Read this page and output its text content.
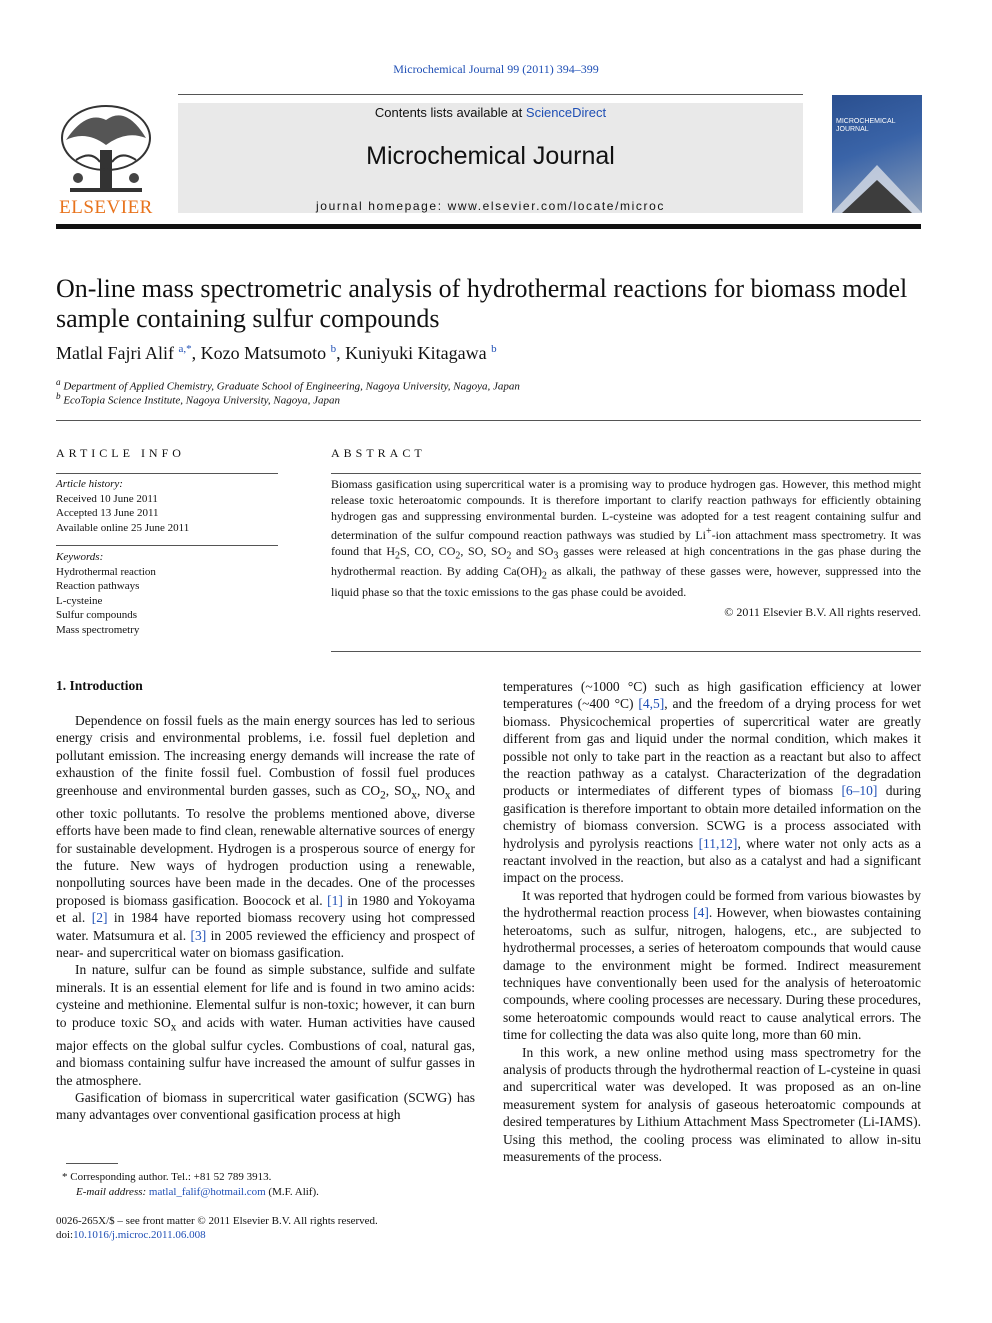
Microchemical Journal 99 (2011) 394–399
ELSEVIER
Contents lists available at ScienceDirect
Microchemical Journal
journal homepage: www.elsevier.com/locate/microc
MICROCHEMICAL JOURNAL
On-line mass spectrometric analysis of hydrothermal reactions for biomass model sample containing sulfur compounds
Matlal Fajri Alif $^{a,*}$, Kozo Matsumoto $^b$, Kuniyuki Kitagawa $^b$
$^a$ Department of Applied Chemistry, Graduate School of Engineering, Nagoya University, Nagoya, Japan
$^b$ EcoTopia Science Institute, Nagoya University, Nagoya, Japan
ARTICLE INFO
Article history:
Received 10 June 2011
Accepted 13 June 2011
Available online 25 June 2011
Keywords:
Hydrothermal reaction
Reaction pathways
L-cysteine
Sulfur compounds
Mass spectrometry
ABSTRACT
Biomass gasification using supercritical water is a promising way to produce hydrogen gas. However, this method might release toxic heteroatomic compounds. It is therefore important to clarify reaction pathways for efficiently obtaining hydrogen gas and suppressing environmental burden. L-cysteine was adopted for a test reagent containing sulfur and determination of the sulfur compound reaction pathways was studied by Li+-ion attachment mass spectrometry. It was found that $H_2S$, CO, $CO_2$, SO, $SO_2$ and $SO_3$ gasses were released at high concentrations in the gas phase during the hydrothermal reaction. By adding $Ca(OH)_2$ as alkali, the pathway of these gasses were, however, suppressed into the liquid phase so that the toxic emissions to the gas phase could be avoided.
© 2011 Elsevier B.V. All rights reserved.
1. Introduction

Dependence on fossil fuels as the main energy sources has led to serious energy crisis and environmental problems, i.e. fossil fuel depletion and pollutant emission. The increasing energy demands will increase the rate of exhaustion of the finite fossil fuel. Combustion of fossil fuel produces greenhouse and environmental burden gasses, such as $CO_2$, $SO_x$, $NO_x$ and other toxic pollutants. To resolve the problems mentioned above, diverse efforts have been made to find clean, renewable alternative sources of energy for sustainable development. Hydrogen is a prosperous source of energy for the future. New ways of hydrogen production using a renewable, nonpolluting sources have been made in the decades. One of the processes proposed is biomass gasification. Boocock et al. [1] in 1980 and Yokoyama et al. [2] in 1984 have reported biomass recovery using hot compressed water. Matsumura et al. [3] in 2005 reviewed the efficiency and prospect of near- and supercritical water on biomass gasification.

In nature, sulfur can be found as simple substance, sulfide and sulfate minerals. It is an essential element for life and is found in two amino acids: cysteine and methionine. Elemental sulfur is non-toxic; however, it can burn to produce toxic $SO_x$ and acids with water. Human activities have caused major effects on the global sulfur cycles. Combustions of coal, natural gas, and biomass containing sulfur have increased the amount of sulfur gasses in the atmosphere.

Gasification of biomass in supercritical water gasification (SCWG) has many advantages over conventional gasification process at high

temperatures (~1000 °C) such as high gasification efficiency at lower temperatures (~400 °C) [4,5], and the freedom of a drying process for wet biomass. Physicochemical properties of supercritical water are greatly different from gas and liquid under the normal condition, which makes it possible not only to take part in the reaction as a reactant but also to affect the reaction pathway as a catalyst. Characterization of the degradation products or intermediates of different types of biomass [6–10] during gasification is therefore important to obtain more detailed information on the chemistry of biomass conversion. SCWG is a process associated with hydrolysis and pyrolysis reactions [11,12], where water not only acts as a reactant involved in the reaction, but also as a catalyst and had a significant impact on the process.

It was reported that hydrogen could be formed from various biowastes by the hydrothermal reaction process [4]. However, when biowastes containing heteroatoms, such as sulfur, nitrogen, halogens, etc., are subjected to hydrothermal processes, a series of heteroatom compounds that would cause damage to the environment might be formed. Indirect measurement techniques have conventionally been used for the analysis of heteroatomic compounds, where cooling processes are necessary. During these procedures, some heteroatomic compounds would react to cause analytical errors. The time for collecting the data was also quite long, more than 60 min.

In this work, a new online method using mass spectrometry for the analysis of products through the hydrothermal reaction of L-cysteine in quasi and supercritical water was developed. It was proposed as an on-line measurement system for analysis of gaseous heteroatomic compounds at desired temperatures by Lithium Attachment Mass Spectrometer (Li-IAMS). Using this method, the cooling process was eliminated to allow in-situ measurements of the process.

* Corresponding author. Tel.: +81 52 789 3913.
E-mail address: matlal_falif@hotmail.com (M.F. Alif).
0026-265X/$ – see front matter © 2011 Elsevier B.V. All rights reserved.
doi:10.1016/j.microc.2011.06.008
